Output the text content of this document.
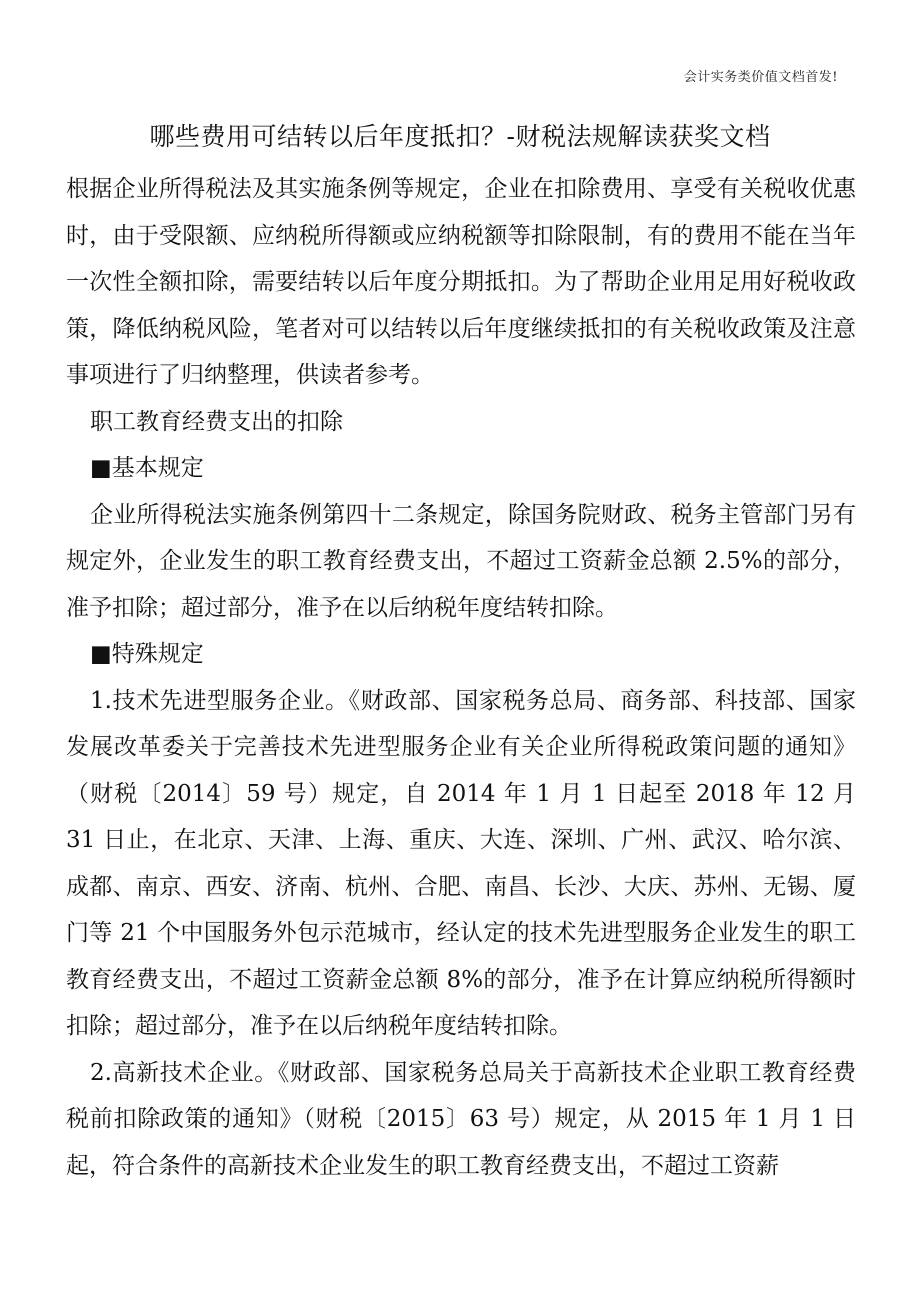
会计实务类价值文档首发!
哪些费用可结转以后年度抵扣？-财税法规解读获奖文档

根据企业所得税法及其实施条例等规定，企业在扣除费用、享受有关税收优惠时，由于受限额、应纳税所得额或应纳税额等扣除限制，有的费用不能在当年一次性全额扣除，需要结转以后年度分期抵扣。为了帮助企业用足用好税收政策，降低纳税风险，笔者对可以结转以后年度继续抵扣的有关税收政策及注意事项进行了归纳整理，供读者参考。

职工教育经费支出的扣除

■基本规定

企业所得税法实施条例第四十二条规定，除国务院财政、税务主管部门另有规定外，企业发生的职工教育经费支出，不超过工资薪金总额 2.5%的部分，准予扣除；超过部分，准予在以后纳税年度结转扣除。

■特殊规定

1.技术先进型服务企业。《财政部、国家税务总局、商务部、科技部、国家发展改革委关于完善技术先进型服务企业有关企业所得税政策问题的通知》（财税〔2014〕59 号）规定，自 2014 年 1 月 1 日起至 2018 年 12 月 31 日止，在北京、天津、上海、重庆、大连、深圳、广州、武汉、哈尔滨、成都、南京、西安、济南、杭州、合肥、南昌、长沙、大庆、苏州、无锡、厦门等 21 个中国服务外包示范城市，经认定的技术先进型服务企业发生的职工教育经费支出，不超过工资薪金总额 8%的部分，准予在计算应纳税所得额时扣除；超过部分，准予在以后纳税年度结转扣除。

2.高新技术企业。《财政部、国家税务总局关于高新技术企业职工教育经费税前扣除政策的通知》（财税〔2015〕63 号）规定，从 2015 年 1 月 1 日起，符合条件的高新技术企业发生的职工教育经费支出，不超过工资薪
